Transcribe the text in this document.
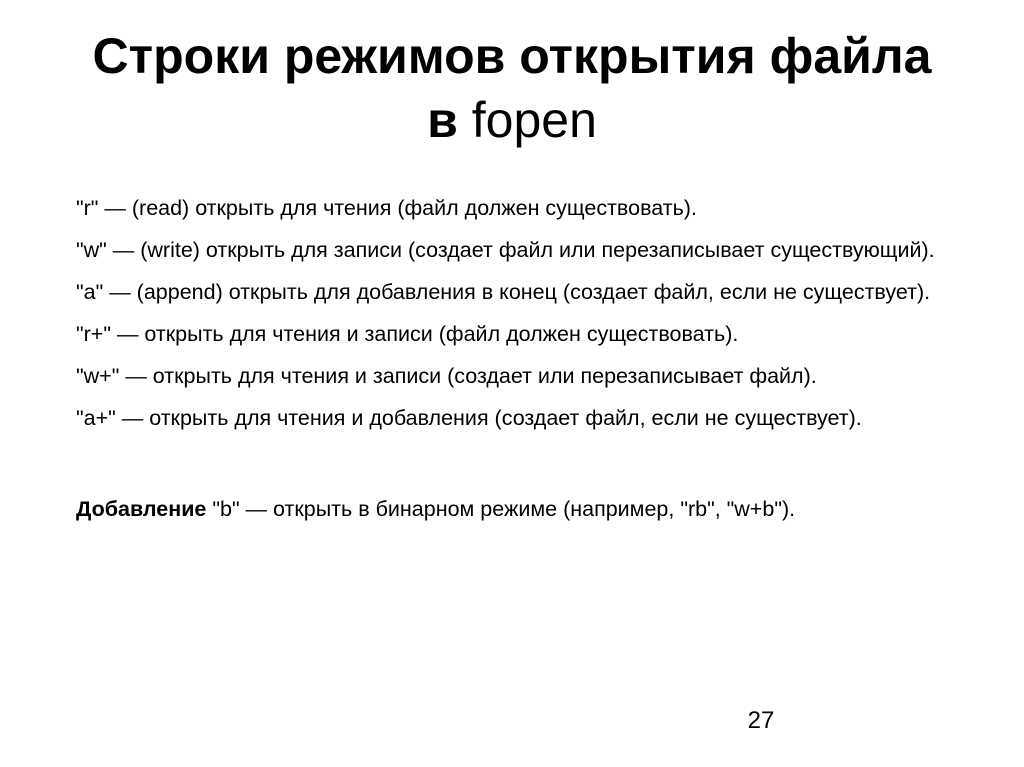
Строки режимов открытия файла
в fopen

"r" — (read) открыть для чтения (файл должен существовать).

"w" — (write) открыть для записи (создает файл или перезаписывает существующий).

"a" — (append) открыть для добавления в конец (создает файл, если не существует).

"r+" — открыть для чтения и записи (файл должен существовать).

"w+" — открыть для чтения и записи (создает или перезаписывает файл).

"a+" — открыть для чтения и добавления (создает файл, если не существует).

Добавление "b" — открыть в бинарном режиме (например, "rb", "w+b").

27
